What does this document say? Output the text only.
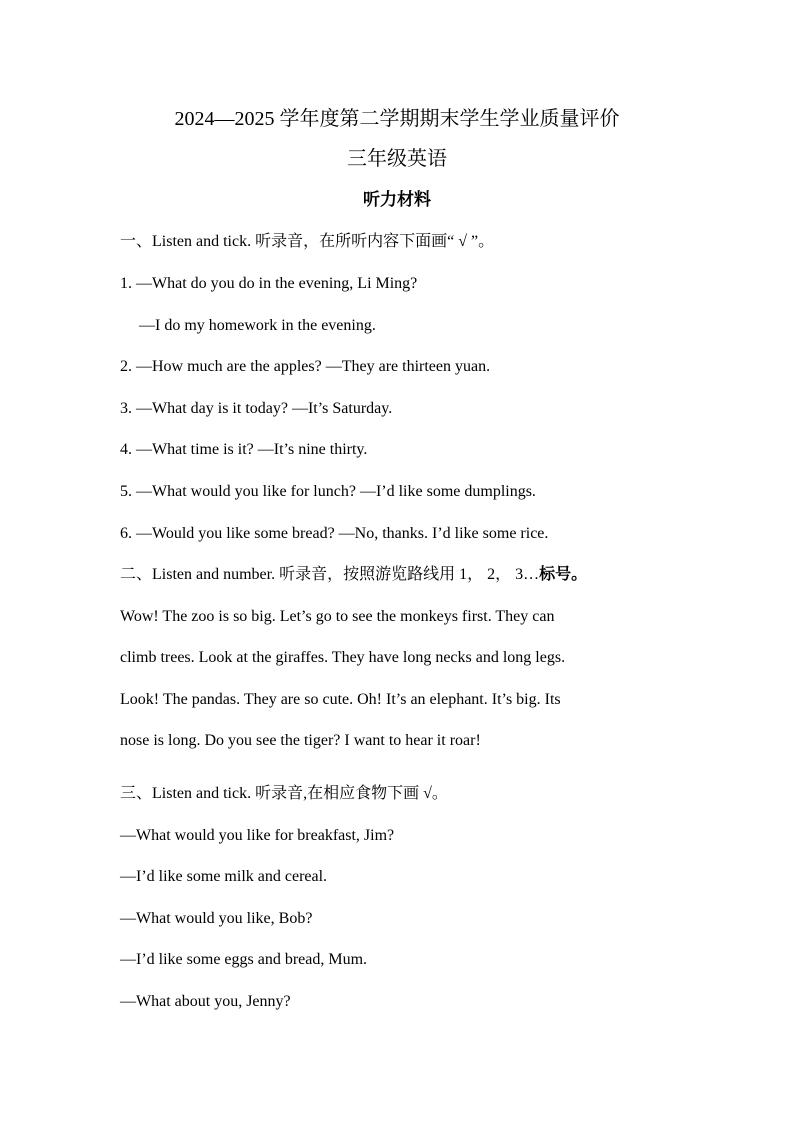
2024—2025 学年度第二学期期末学生学业质量评价
三年级英语
听力材料
一、Listen and tick. 听录音，在所听内容下面画“ √ ”。
1. —What do you do in the evening, Li Ming?
—I do my homework in the evening.
2. —How much are the apples? —They are thirteen yuan.
3. —What day is it today? —It’s Saturday.
4. —What time is it? —It’s nine thirty.
5. —What would you like for lunch? —I’d like some dumplings.
6. —Would you like some bread? —No, thanks. I’d like some rice.
二、Listen and number. 听录音，按照游览路线用 1， 2， 3…标号。
Wow! The zoo is so big. Let’s go to see the monkeys first. They can
climb trees. Look at the giraffes. They have long necks and long legs.
Look! The pandas. They are so cute. Oh! It’s an elephant. It’s big. Its
nose is long. Do you see the tiger? I want to hear it roar!
三、Listen and tick. 听录音,在相应食物下画 √。
—What would you like for breakfast, Jim?
—I’d like some milk and cereal.
—What would you like, Bob?
—I’d like some eggs and bread, Mum.
—What about you, Jenny?
